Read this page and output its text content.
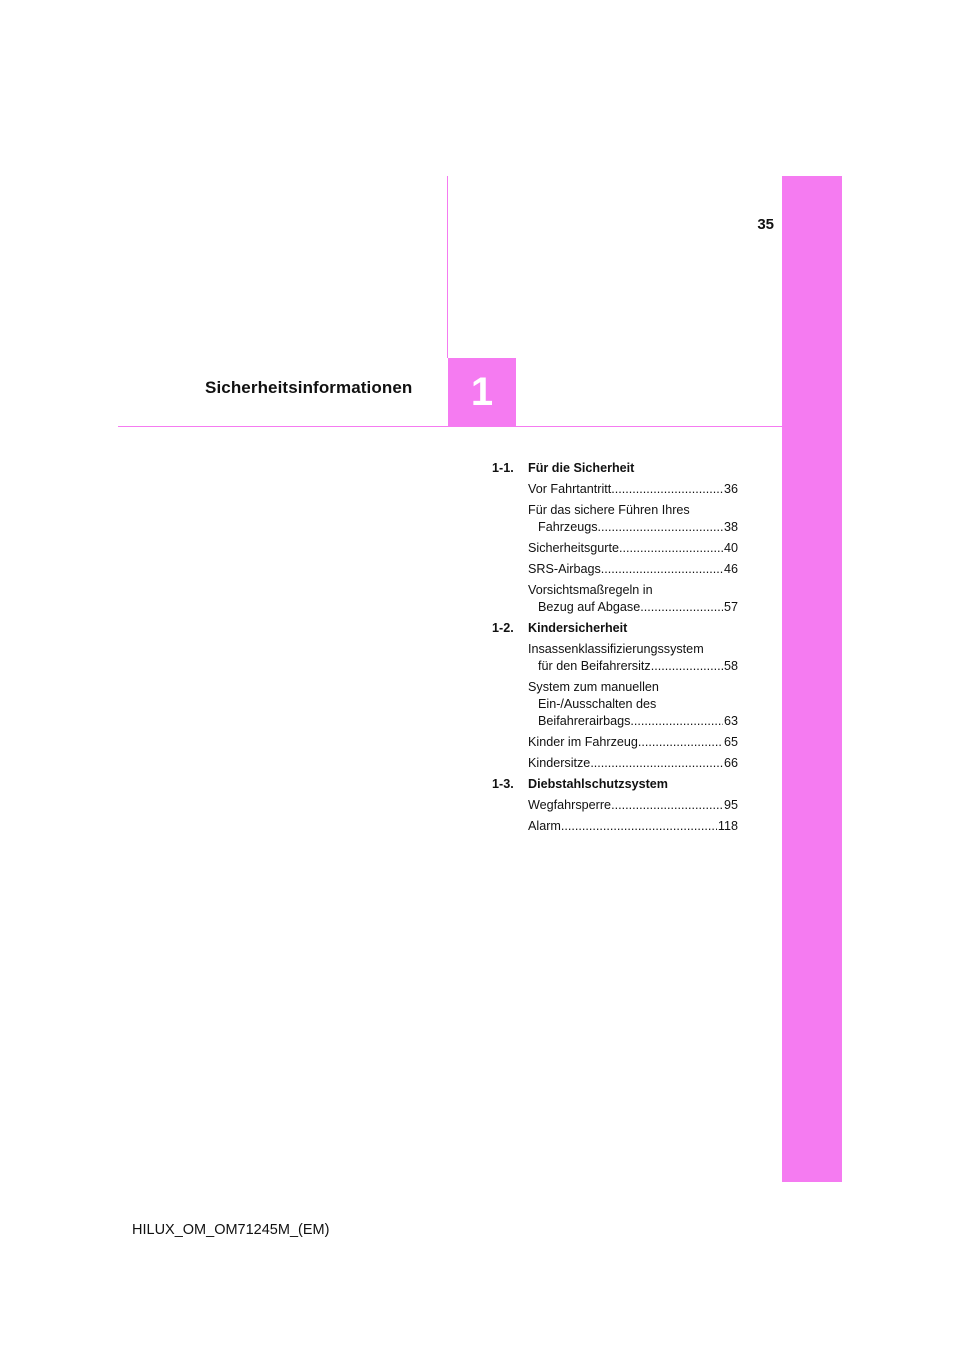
1
35
Sicherheitsinformationen
1-1.	Für die Sicherheit
Vor Fahrtantritt .....	36
Für das sichere Führen Ihres
Fahrzeugs .....	38
Sicherheitsgurte .....	40
SRS-Airbags .....	46
Vorsichtsmaßregeln in
Bezug auf Abgase .....	57
1-2.	Kindersicherheit
Insassenklassifizierungssystem
für den Beifahrersitz .....	58
System zum manuellen
Ein-/Ausschalten des
Beifahrerairbags .....	63
Kinder im Fahrzeug .....	65
Kindersitze .....	66
1-3.	Diebstahlschutzsystem
Wegfahrsperre .....	95
Alarm .....	118
HILUX_OM_OM71245M_(EM)
